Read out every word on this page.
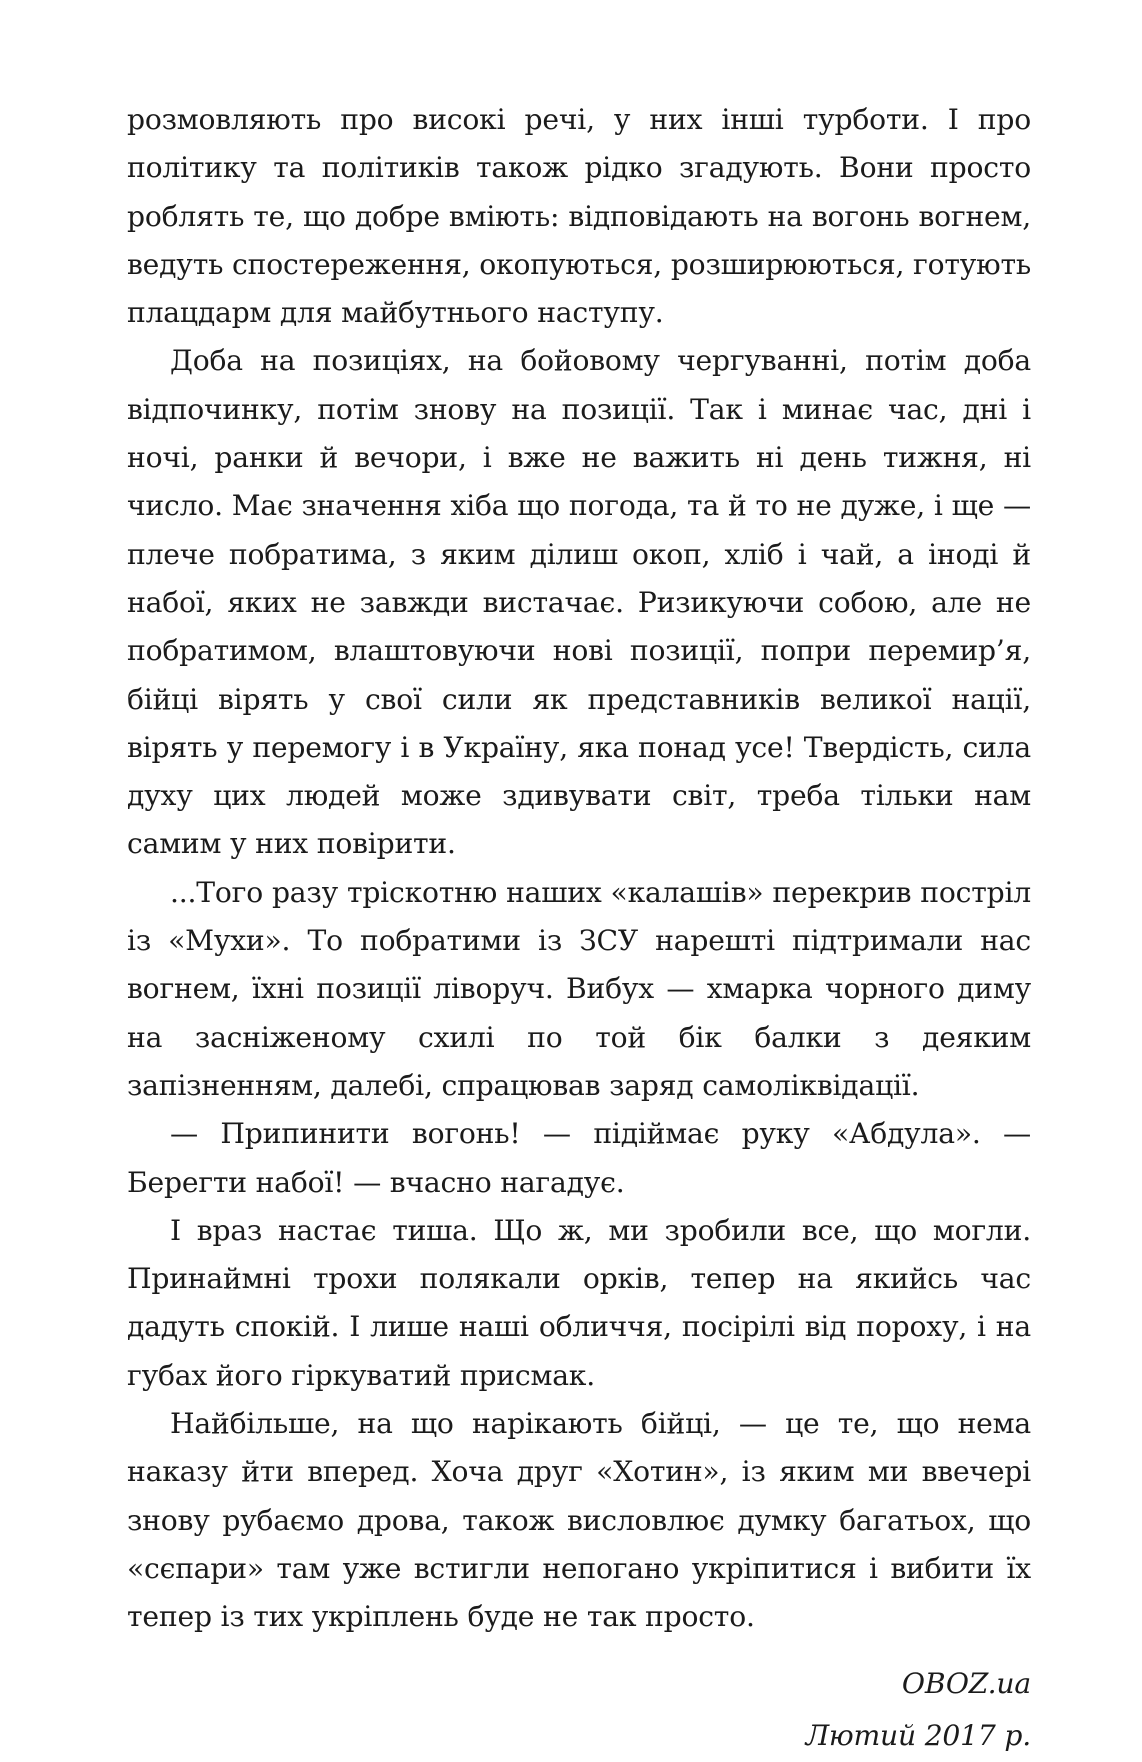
розмовляють про високі речі, у них інші турботи. І про політику та політиків також рідко згадують. Вони просто роблять те, що добре вміють: відповідають на вогонь вогнем, ведуть спостереження, окопуються, розширюються, готують плацдарм для майбутнього наступу.

Доба на позиціях, на бойовому чергуванні, потім доба відпочинку, потім знову на позиції. Так і минає час, дні і ночі, ранки й вечори, і вже не важить ні день тижня, ні число. Має значення хіба що погода, та й то не дуже, і ще — плече побратима, з яким ділиш окоп, хліб і чай, а іноді й набої, яких не завжди вистачає. Ризикуючи собою, але не побратимом, влаштовуючи нові позиції, попри перемир’я, бійці вірять у свої сили як представників великої нації, вірять у перемогу і в Україну, яка понад усе! Твердість, сила духу цих людей може здивувати світ, треба тільки нам самим у них повірити.

...Того разу тріскотню наших «калашів» перекрив постріл із «Мухи». То побратими із ЗСУ нарешті підтримали нас вогнем, їхні позиції ліворуч. Вибух — хмарка чорного диму на засніженому схилі по той бік балки з деяким запізненням, далебі, спрацював заряд самоліквідації.

— Припинити вогонь! — підіймає руку «Абдула». — Берегти набої! — вчасно нагадує.

І враз настає тиша. Що ж, ми зробили все, що могли. Принаймні трохи полякали орків, тепер на якийсь час дадуть спокій. І лише наші обличчя, посірілі від пороху, і на губах його гіркуватий присмак.

Найбільше, на що нарікають бійці, — це те, що нема наказу йти вперед. Хоча друг «Хотин», із яким ми ввечері знову рубаємо дрова, також висловлює думку багатьох, що «сєпари» там уже встигли непогано укріпитися і вибити їх тепер із тих укріплень буде не так просто.

OBOZ.ua
Лютий 2017 р.
